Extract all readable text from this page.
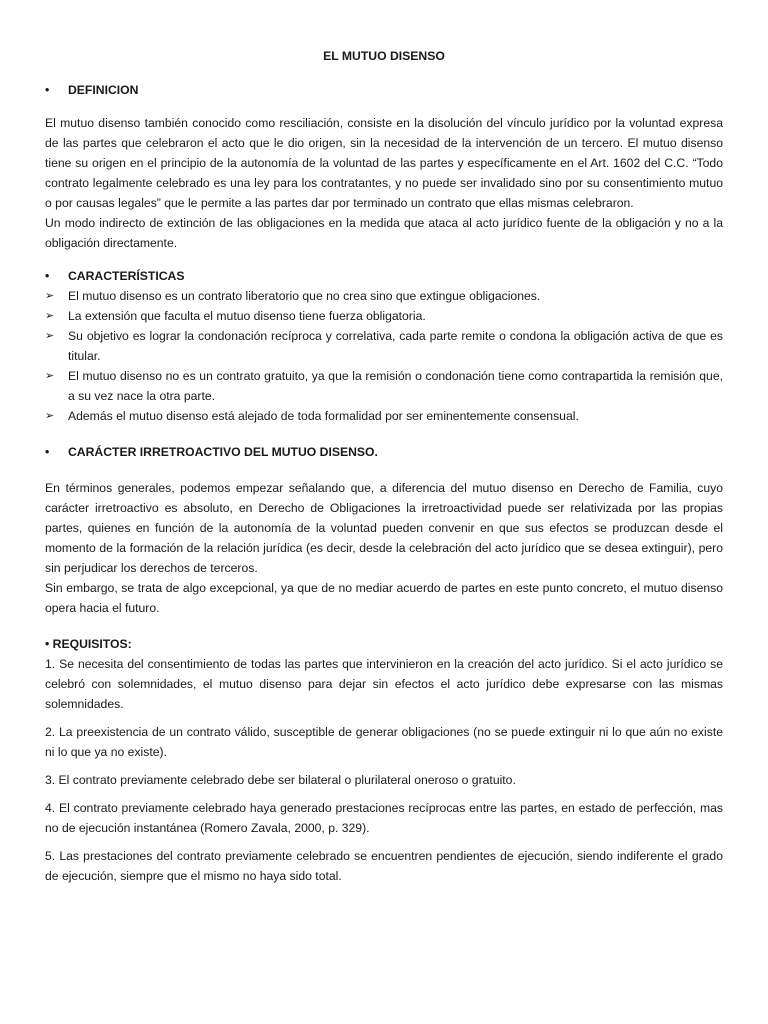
EL MUTUO DISENSO
•	DEFINICION

El mutuo disenso también conocido como resciliación, consiste en la disolución del vínculo jurídico por la voluntad expresa de las partes que celebraron el acto que le dio origen, sin la necesidad de la intervención de un tercero. El mutuo disenso tiene su origen en el principio de la autonomía de la voluntad de las partes y específicamente en el Art. 1602 del C.C. “Todo contrato legalmente celebrado es una ley para los contratantes, y no puede ser invalidado sino por su consentimiento mutuo o por causas legales” que le permite a las partes dar por terminado un contrato que ellas mismas celebraron.

Un modo indirecto de extinción de las obligaciones en la medida que ataca al acto jurídico fuente de la obligación y no a la obligación directamente.

•	CARACTERÍSTICAS
➢	El mutuo disenso es un contrato liberatorio que no crea sino que extingue obligaciones.
➢	La extensión que faculta el mutuo disenso tiene fuerza obligatoria.
➢	Su objetivo es lograr la condonación recíproca y correlativa, cada parte remite o condona la obligación activa de que es titular.
➢	El mutuo disenso no es un contrato gratuito, ya que la remisión o condonación tiene como contrapartida la remisión que, a su vez nace la otra parte.
➢	Además el mutuo disenso está alejado de toda formalidad por ser eminentemente consensual.
•	CARÁCTER IRRETROACTIVO DEL MUTUO DISENSO.

En términos generales, podemos empezar señalando que, a diferencia del mutuo disenso en Derecho de Familia, cuyo carácter irretroactivo es absoluto, en Derecho de Obligaciones la irretroactividad puede ser relativizada por las propias partes, quienes en función de la autonomía de la voluntad pueden convenir en que sus efectos se produzcan desde el momento de la formación de la relación jurídica (es decir, desde la celebración del acto jurídico que se desea extinguir), pero sin perjudicar los derechos de terceros.

Sin embargo, se trata de algo excepcional, ya que de no mediar acuerdo de partes en este punto concreto, el mutuo disenso opera hacia el futuro.

• REQUISITOS:

1. Se necesita del consentimiento de todas las partes que intervinieron en la creación del acto jurídico. Si el acto jurídico se celebró con solemnidades, el mutuo disenso para dejar sin efectos el acto jurídico debe expresarse con las mismas solemnidades.

2. La preexistencia de un contrato válido, susceptible de generar obligaciones (no se puede extinguir ni lo que aún no existe ni lo que ya no existe).

3. El contrato previamente celebrado debe ser bilateral o plurilateral oneroso o gratuito.

4. El contrato previamente celebrado haya generado prestaciones recíprocas entre las partes, en estado de perfección, mas no de ejecución instantánea (Romero Zavala, 2000, p. 329).

5. Las prestaciones del contrato previamente celebrado se encuentren pendientes de ejecución, siendo indiferente el grado de ejecución, siempre que el mismo no haya sido total.
